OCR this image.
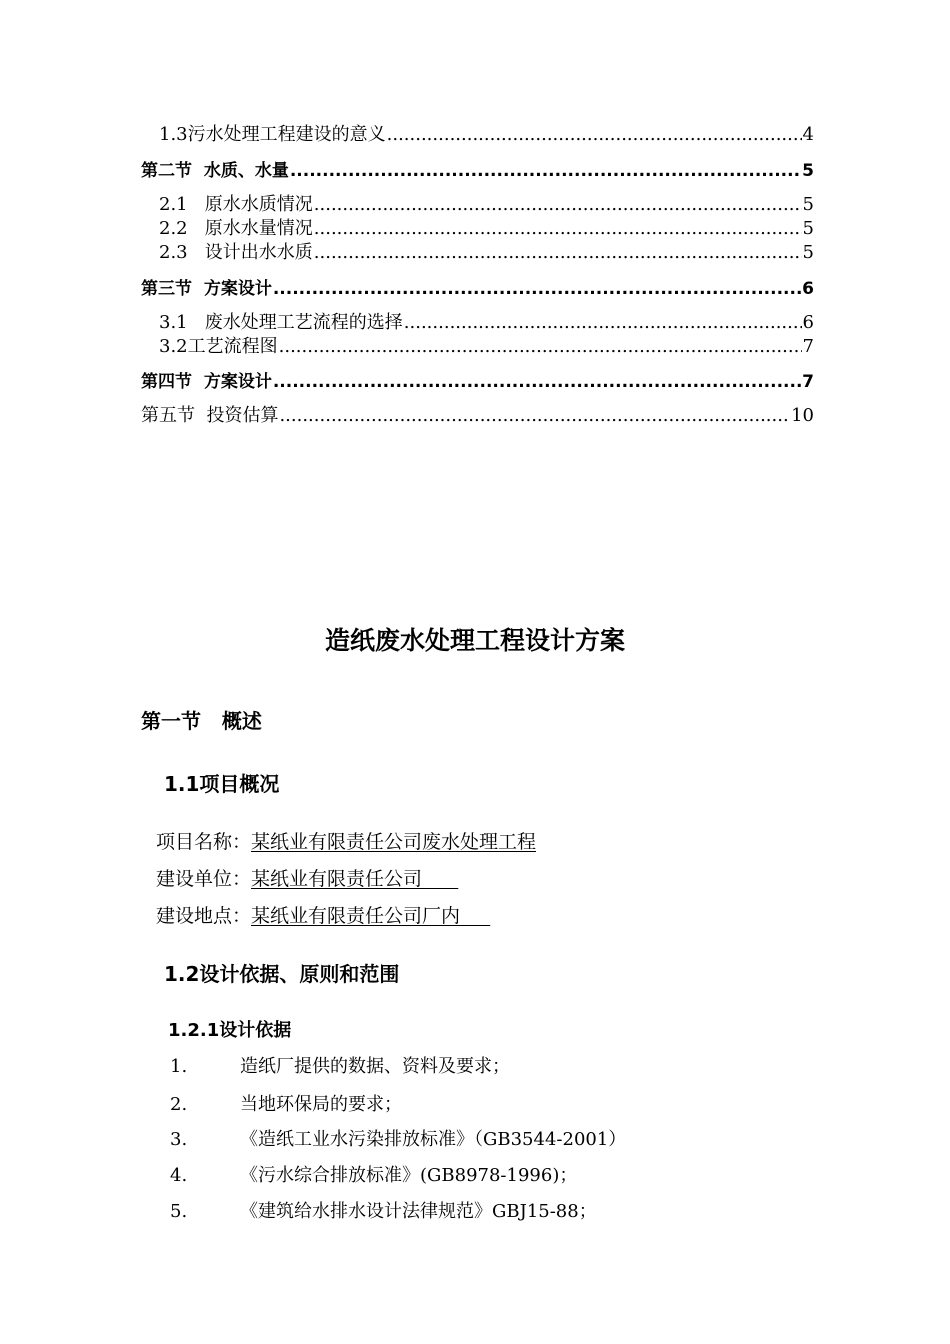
1.3污水处理工程建设的意义 .....	4
第二节  水质、水量 .....	5
2.1   原水水质情况 .....	5
2.2   原水水量情况 .....	5
2.3   设计出水水质 .....	5
第三节  方案设计 .....	6
3.1   废水处理工艺流程的选择 .....	6
3.2工艺流程图 .....	7
第四节  方案设计 .....	7
第五节  投资估算 .....	10
造纸废水处理工程设计方案
第一节   概述
1.1项目概况
项目名称：某纸业有限责任公司废水处理工程
建设单位：某纸业有限责任公司
建设地点：某纸业有限责任公司厂内
1.2设计依据、原则和范围
1.2.1设计依据
1.	造纸厂提供的数据、资料及要求；
2.	当地环保局的要求；
3.	《造纸工业水污染排放标准》（GB3544-2001）
4.	《污水综合排放标准》(GB8978-1996)；
5.	《建筑给水排水设计法律规范》GBJ15-88；
